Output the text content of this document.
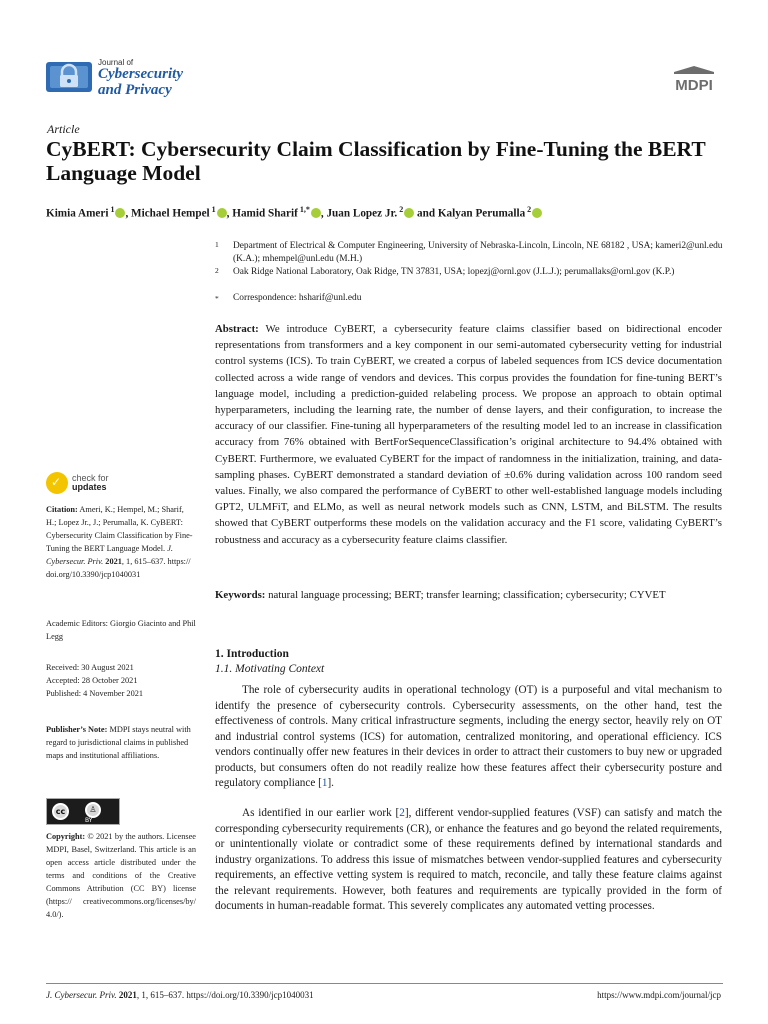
Journal of
Cybersecurity
and Privacy	MDPI
Article
CyBERT: Cybersecurity Claim Classification by Fine-Tuning the BERT Language Model
Kimia Ameri $^1$ , Michael Hempel $^1$ , Hamid Sharif $^{1,*}$ , Juan Lopez Jr. $^2$ and Kalyan Perumalla $^2$
1 Department of Electrical & Computer Engineering, University of Nebraska-Lincoln, Lincoln, NE 68182 , USA; kameri2@unl.edu (K.A.); mhempel@unl.edu (M.H.)
2 Oak Ridge National Laboratory, Oak Ridge, TN 37831, USA; lopezj@ornl.gov (J.L.J.); perumallaks@ornl.gov (K.P.)
* Correspondence: hsharif@unl.edu
Abstract: We introduce CyBERT, a cybersecurity feature claims classifier based on bidirectional encoder representations from transformers and a key component in our semi-automated cybersecurity vetting for industrial control systems (ICS). To train CyBERT, we created a corpus of labeled sequences from ICS device documentation collected across a wide range of vendors and devices. This corpus provides the foundation for fine-tuning BERT’s language model, including a prediction-guided relabeling process. We propose an approach to obtain optimal hyperparameters, including the learning rate, the number of dense layers, and their configuration, to increase the accuracy of our classifier. Fine-tuning all hyperparameters of the resulting model led to an increase in classification accuracy from 76% obtained with BertForSequenceClassification’s original architecture to 94.4% obtained with CyBERT. Furthermore, we evaluated CyBERT for the impact of randomness in the initialization, training, and data-sampling phases. CyBERT demonstrated a standard deviation of ±0.6% during validation across 100 random seed values. Finally, we also compared the performance of CyBERT to other well-established language models including GPT2, ULMFiT, and ELMo, as well as neural network models such as CNN, LSTM, and BiLSTM. The results showed that CyBERT outperforms these models on the validation accuracy and the F1 score, validating CyBERT’s robustness and accuracy as a cybersecurity feature claims classifier.
Keywords: natural language processing; BERT; transfer learning; classification; cybersecurity; CYVET
✓ check for
updates
Citation: Ameri, K.; Hempel, M.; Sharif, H.; Lopez Jr., J.; Perumalla, K. CyBERT: Cybersecurity Claim Classification by Fine-Tuning the BERT Language Model. J. Cybersecur. Priv. 2021, 1, 615–637. https:// doi.org/10.3390/jcp1040031
Academic Editors: Giorgio Giacinto and Phil Legg
Received: 30 August 2021
Accepted: 28 October 2021
Published: 4 November 2021
Publisher’s Note: MDPI stays neutral with regard to jurisdictional claims in published maps and institutional affiliations.
cc	♙
BY
Copyright: © 2021 by the authors. Licensee MDPI, Basel, Switzerland. This article is an open access article distributed under the terms and conditions of the Creative Commons Attribution (CC BY) license (https:// creativecommons.org/licenses/by/ 4.0/).
1. Introduction
1.1. Motivating Context
The role of cybersecurity audits in operational technology (OT) is a purposeful and vital mechanism to identify the presence of cybersecurity controls. Cybersecurity assessments, on the other hand, test the effectiveness of controls. Many critical infrastructure segments, including the energy sector, heavily rely on OT and industrial control systems (ICS) for automation, centralized monitoring, and operational efficiency. ICS vendors continually offer new features in their devices in order to attract their customers to buy new or upgraded products, but consumers often do not readily realize how these features affect their cybersecurity posture and regulatory compliance [1].
As identified in our earlier work [2], different vendor-supplied features (VSF) can satisfy and match the corresponding cybersecurity requirements (CR), or enhance the features and go beyond the related requirements, or unintentionally violate or contradict some of these requirements defined by international standards and industry organizations. To address this issue of mismatches between vendor-supplied features and cybersecurity requirements, an effective vetting system is required to match, reconcile, and tally these feature claims against the relevant requirements. However, both features and requirements are typically provided in the form of documents in human-readable format. This severely complicates any automated vetting processes.
J. Cybersecur. Priv. 2021, 1, 615–637. https://doi.org/10.3390/jcp1040031	https://www.mdpi.com/journal/jcp
